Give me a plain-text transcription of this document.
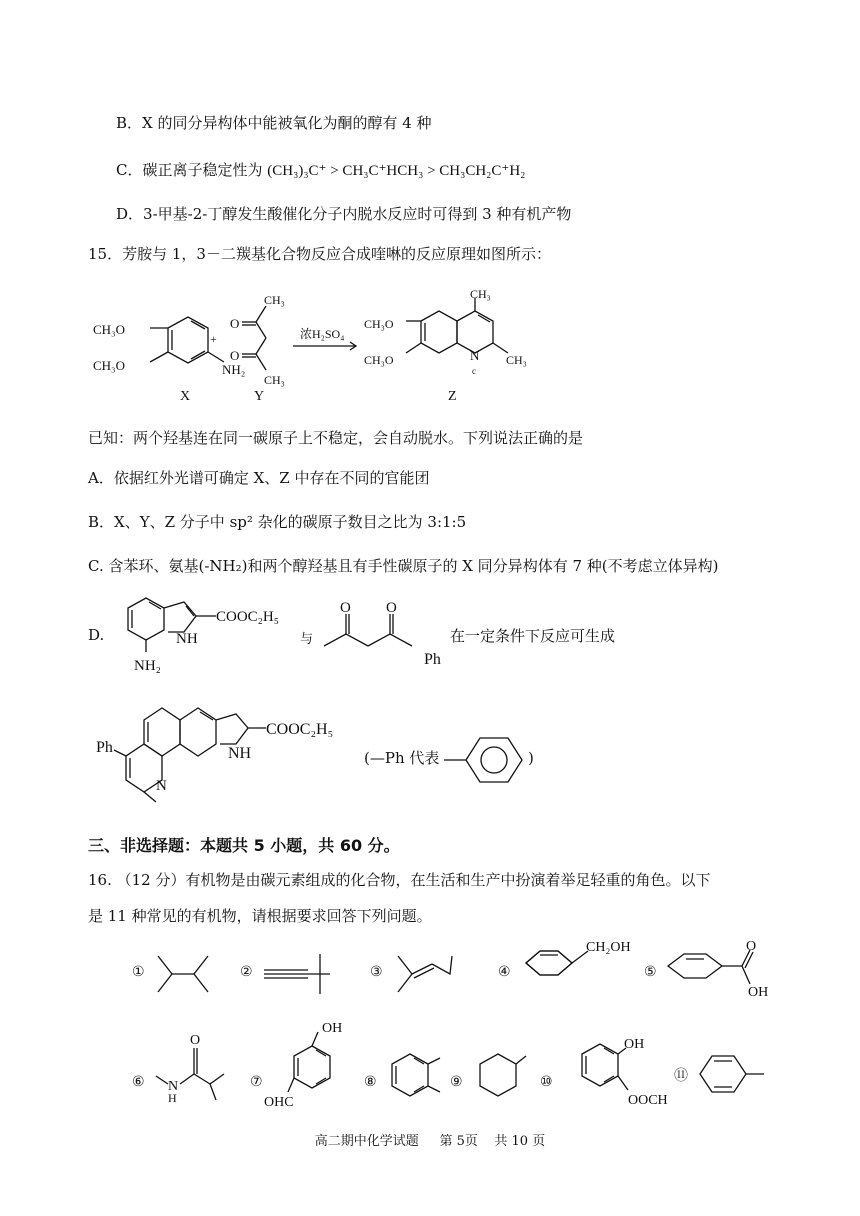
B．X 的同分异构体中能被氧化为酮的醇有 4 种
C．碳正离子稳定性为 (CH₃)₃C⁺ > CH₃C⁺HCH₃ > CH₃CH₂C⁺H₂
D．3-甲基-2-丁醇发生酸催化分子内脱水反应时可得到 3 种有机产物
15．芳胺与 1，3－二羰基化合物反应合成喹啉的反应原理如图所示：
CH₃O
CH₃O	NH₂
X
+
CH₃
CH₃
O
O
Y
浓H₂SO₄
CH₃
CH₃
N
c
CH₃O
CH₃O
Z
已知：两个羟基连在同一碳原子上不稳定，会自动脱水。下列说法正确的是
A．依据红外光谱可确定 X、Z 中存在不同的官能团
B．X、Y、Z 分子中 sp² 杂化的碳原子数目之比为 3:1:5
C. 含苯环、氨基(-NH₂)和两个醇羟基且有手性碳原子的 X 同分异构体有 7 种(不考虑立体异构)
D.
COOC₂H₅
NH
NH₂
与
O O
Ph
在一定条件下反应可生成
COOC₂H₅
NH
Ph
N
(—Ph 代表	)
三、非选择题：本题共 5 小题，共 60 分。
16. （12 分）有机物是由碳元素组成的化合物，在生活和生产中扮演着举足轻重的角色。以下
是 11 种常见的有机物，请根据要求回答下列问题。
①	②	③	④
CH₂OH
⑤
O
OH
⑥
O
N
H
⑦
OH
OHC
⑧	⑨	⑩
OH
OOCH
⑪
高二期中化学试题 第 5页 共 10 页
